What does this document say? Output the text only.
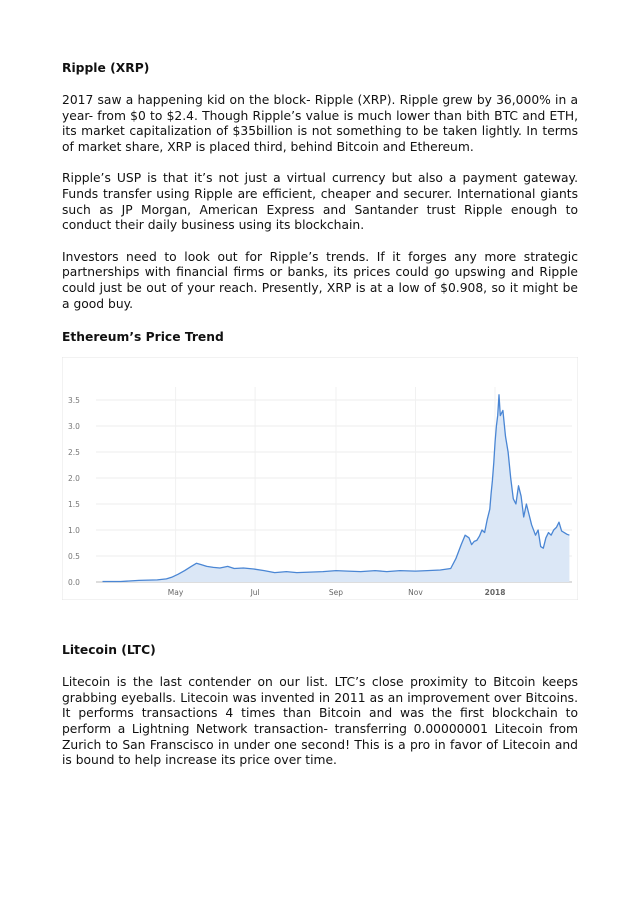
Ripple (XRP)

2017 saw a happening kid on the block- Ripple (XRP). Ripple grew by 36,000% in a year- from $0 to $2.4. Though Ripple’s value is much lower than bith BTC and ETH, its market capitalization of $35billion is not something to be taken lightly. In terms of market share, XRP is placed third, behind Bitcoin and Ethereum.

Ripple’s USP is that it’s not just a virtual currency but also a payment gateway. Funds transfer using Ripple are efficient, cheaper and securer. International giants such as JP Morgan, American Express and Santander trust Ripple enough to conduct their daily business using its blockchain.

Investors need to look out for Ripple’s trends. If it forges any more strategic partnerships with financial firms or banks, its prices could go upswing and Ripple could just be out of your reach. Presently, XRP is at a low of $0.908, so it might be a good buy.

Ethereum’s Price Trend
0.0
0.5
1.0
1.5
2.0
2.5
3.0
3.5
May	Jul	Sep	Nov	2018
Litecoin (LTC)

Litecoin is the last contender on our list. LTC’s close proximity to Bitcoin keeps grabbing eyeballs. Litecoin was invented in 2011 as an improvement over Bitcoins. It performs transactions 4 times than Bitcoin and was the first blockchain to perform a Lightning Network transaction- transferring 0.00000001 Litecoin from Zurich to San Franscisco in under one second! This is a pro in favor of Litecoin and is bound to help increase its price over time.
